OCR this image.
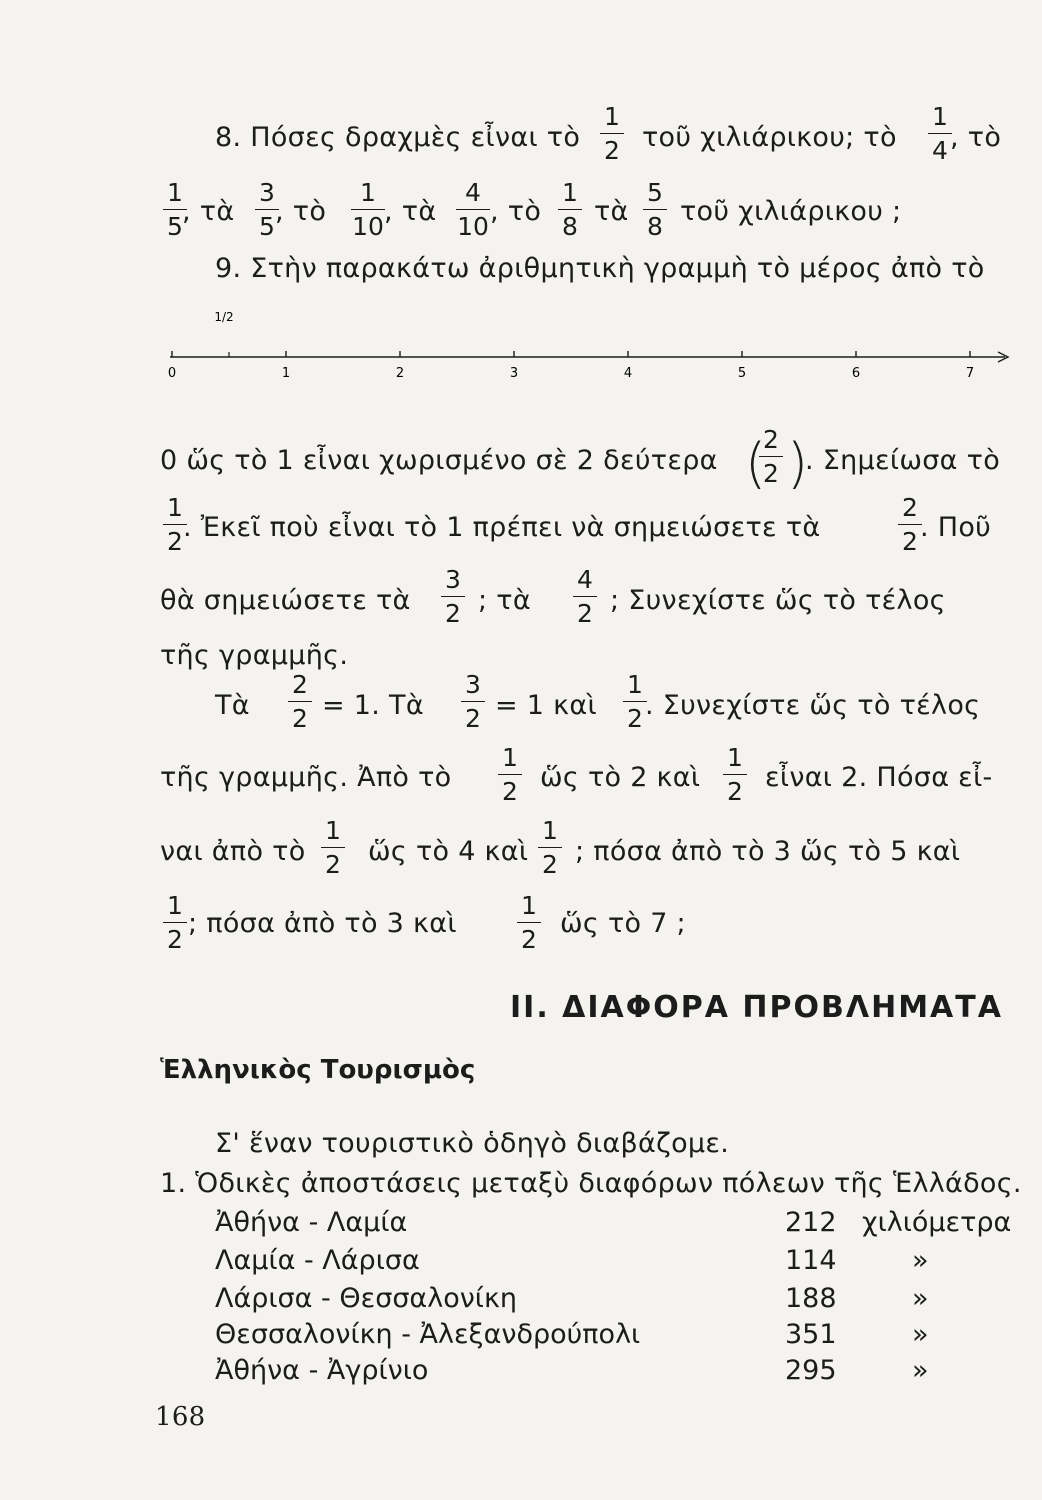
8. Πόσες δραχμὲς εἶναι τὸ
1
2 τοῦ χιλιάρικου; τὸ
1
4 , τὸ
1
5 , τὰ
3
5 , τὸ
1
10 , τὰ
4
10 , τὸ
1
8 τὰ
5
8 τοῦ χιλιάρικου ;
9. Στὴν παρακάτω ἀριθμητικὴ γραμμὴ τὸ μέρος ἀπὸ τὸ
1/2
0	1	2	3	4	5	6	7
0 ὥς τὸ 1 εἶναι χωρισμένο σὲ 2 δεύτερα (
2
2 )
. Σημείωσα τὸ
1
2 . Ἐκεῖ ποὺ εἶναι τὸ 1 πρέπει νὰ σημειώσετε τὰ
2
2 . Ποῦ
θὰ σημειώσετε τὰ
3
2 ; τὰ
4
2 ; Συνεχίστε ὥς τὸ τέλος
τῆς γραμμῆς.
Τὰ
2
2 = 1. Τὰ
3
2 = 1 καὶ
1
2 . Συνεχίστε ὥς τὸ τέλος
τῆς γραμμῆς. Ἀπὸ τὸ
1
2 ὥς τὸ 2 καὶ
1
2 εἶναι 2. Πόσα εἶ-
ναι ἀπὸ τὸ
1
2 ὥς τὸ 4 καὶ
1
2 ; πόσα ἀπὸ τὸ 3 ὥς τὸ 5 καὶ
1
2
; πόσα ἀπὸ τὸ 3 καὶ
1
2
ὥς τὸ 7 ;
ΙΙ. ΔΙΑΦΟΡΑ ΠΡΟΒΛΗΜΑΤΑ
Ἑλληνικὸς Τουρισμὸς
Σ' ἕναν τουριστικὸ ὁδηγὸ διαβάζομε.
1. Ὁδικὲς ἀποστάσεις μεταξὺ διαφόρων πόλεων τῆς Ἑλλάδος.
Ἀθήνα - Λαμία	212 χιλιόμετρα
Λαμία - Λάρισα	114	»
Λάρισα - Θεσσαλονίκη	188	»
Θεσσαλονίκη - Ἀλεξανδρούπολι	351	»
Ἀθήνα - Ἀγρίνιο	295	»
168
